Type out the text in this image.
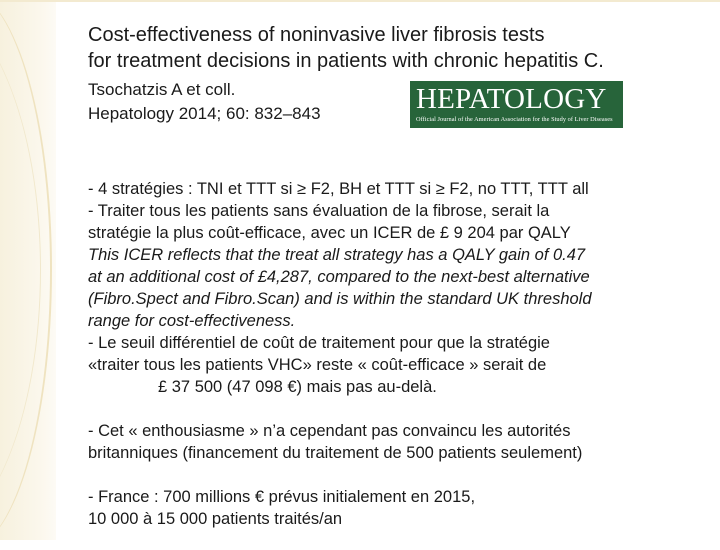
Cost-effectiveness of noninvasive liver fibrosis tests
for treatment decisions in patients with chronic hepatitis C.
Tsochatzis A et coll.
Hepatology 2014; 60: 832–843	HEPATOLOGY
Official Journal of the American Association for the Study of Liver Diseases

- 4 stratégies : TNI et TTT si ≥ F2, BH et TTT si ≥ F2, no TTT, TTT all

- Traiter tous les patients sans évaluation de la fibrose, serait la

stratégie la plus coût-efficace, avec un ICER de £ 9 204 par QALY

This ICER reflects that the treat all strategy has a QALY gain of 0.47

at an additional cost of £4,287, compared to the next-best alternative

(Fibro.Spect and Fibro.Scan) and is within the standard UK threshold

range for cost-effectiveness.

- Le seuil différentiel de coût de traitement pour que la stratégie

«traiter tous les patients VHC» reste « coût-efficace » serait de

£ 37 500 (47 098 €) mais pas au-delà.

- Cet « enthousiasme » n’a cependant pas convaincu les autorités

britanniques (financement du traitement de 500 patients seulement)

- France : 700 millions € prévus initialement en 2015,

10 000 à 15 000 patients traités/an
